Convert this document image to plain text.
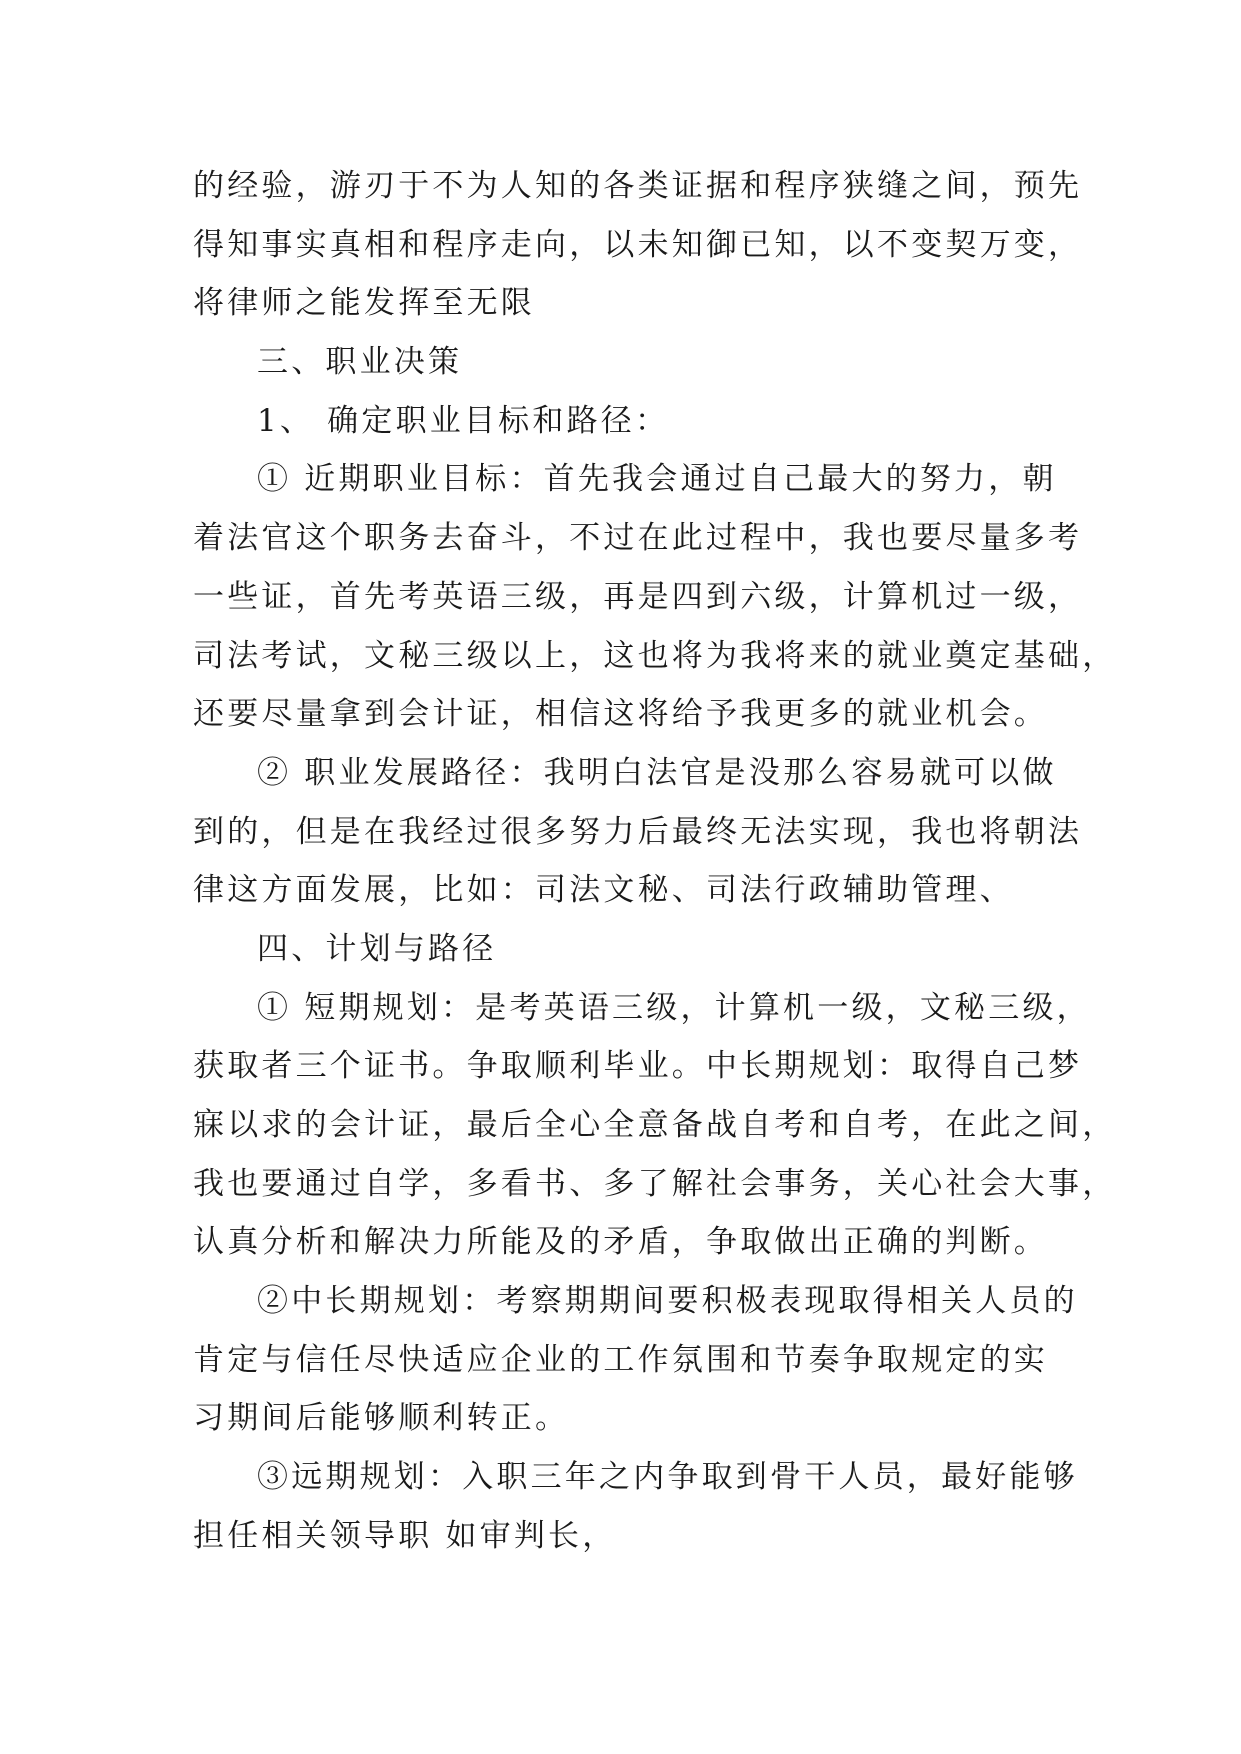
的经验，游刃于不为人知的各类证据和程序狭缝之间，预先
得知事实真相和程序走向，以未知御已知，以不变契万变，
将律师之能发挥至无限
三、职业决策
1、 确定职业目标和路径：
① 近期职业目标：首先我会通过自己最大的努力，朝
着法官这个职务去奋斗，不过在此过程中，我也要尽量多考
一些证，首先考英语三级，再是四到六级，计算机过一级，
司法考试，文秘三级以上，这也将为我将来的就业奠定基础，
还要尽量拿到会计证，相信这将给予我更多的就业机会。
② 职业发展路径：我明白法官是没那么容易就可以做
到的，但是在我经过很多努力后最终无法实现，我也将朝法
律这方面发展，比如：司法文秘、司法行政辅助管理、
四、计划与路径
① 短期规划：是考英语三级，计算机一级，文秘三级，
获取者三个证书。争取顺利毕业。中长期规划：取得自己梦
寐以求的会计证，最后全心全意备战自考和自考，在此之间，
我也要通过自学，多看书、多了解社会事务，关心社会大事，
认真分析和解决力所能及的矛盾，争取做出正确的判断。
②中长期规划：考察期期间要积极表现取得相关人员的
肯定与信任尽快适应企业的工作氛围和节奏争取规定的实
习期间后能够顺利转正。
③远期规划：入职三年之内争取到骨干人员，最好能够
担任相关领导职 如审判长，
